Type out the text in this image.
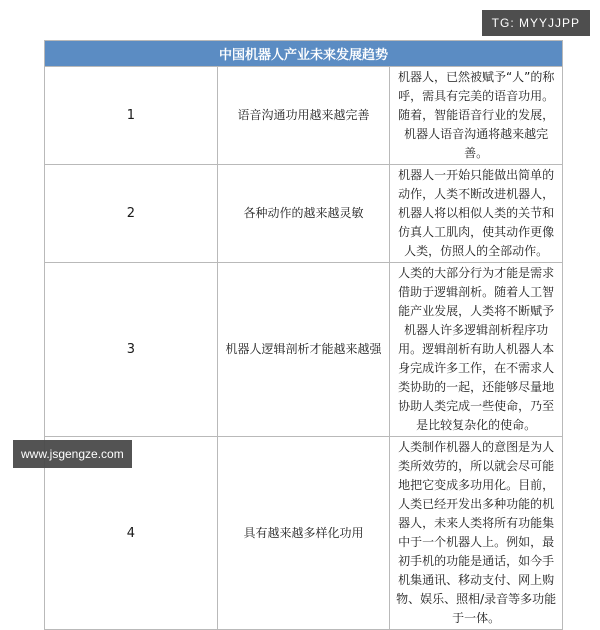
TG: MYYJJPP
中国机器人产业未来发展趋势		
1	语音沟通功用越来越完善	机器人，已然被赋予“人”的称呼，需具有完美的语音功用。随着，智能语音行业的发展，机器人语音沟通将越来越完善。
2	各种动作的越来越灵敏	机器人一开始只能做出简单的动作，人类不断改进机器人，机器人将以相似人类的关节和仿真人工肌肉，使其动作更像人类，仿照人的全部动作。
3	机器人逻辑剖析才能越来越强	人类的大部分行为才能是需求借助于逻辑剖析。随着人工智能产业发展，人类将不断赋予机器人许多逻辑剖析程序功用。逻辑剖析有助人机器人本身完成许多工作，在不需求人类协助的一起，还能够尽量地协助人类完成一些使命，乃至是比较复杂化的使命。
4	具有越来越多样化功用	人类制作机器人的意图是为人类所效劳的，所以就会尽可能地把它变成多功用化。目前，人类已经开发出多种功能的机器人，未来人类将所有功能集中于一个机器人上。例如，最初手机的功能是通话，如今手机集通讯、移动支付、网上购物、娱乐、照相/录音等多功能于一体。
www.jsgengze.com
